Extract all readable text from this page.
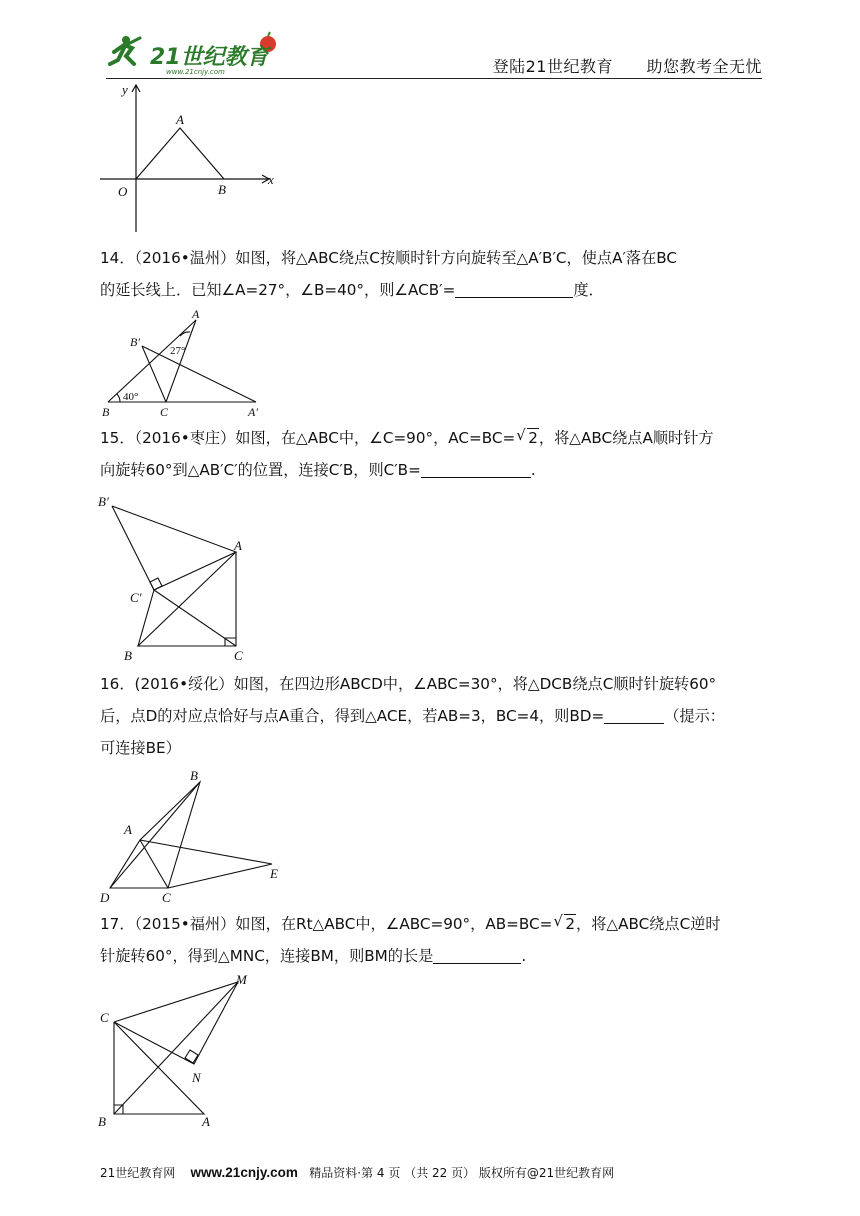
21世纪教育
www.21cnjy.com	登陆21世纪教育 助您教考全无忧
y
x
O
A
B
14．（2016•温州）如图，将△ABC绕点C按顺时针方向旋转至△A′B′C，使点A′落在BC
的延长线上．已知∠A=27°，∠B=40°，则∠ACB′=	度．
A
B′
27°
40°
B	C	A′
15．（2016•枣庄）如图，在△ABC中，∠C=90°，AC=BC= √ 2，将△ABC绕点A顺时针方
向旋转60°到△AB′C′的位置，连接C′B，则C′B=	.
B′
A
C′
B	C
16．(2016•绥化）如图，在四边形ABCD中，∠ABC=30°，将△DCB绕点C顺时针旋转60°
后，点D的对应点恰好与点A重合，得到△ACE，若AB=3，BC=4，则BD=	（提示：
可连接BE）
B
A
E
D	C
17．（2015•福州）如图，在Rt△ABC中，∠ABC=90°，AB=BC= √ 2，将△ABC绕点C逆时
针旋转60°，得到△MNC，连接BM，则BM的长是	.
M
C
N
B	A
21世纪教育网 www.21cnjy.com 精品资料·第 4 页 （共 22 页） 版权所有@21世纪教育网
